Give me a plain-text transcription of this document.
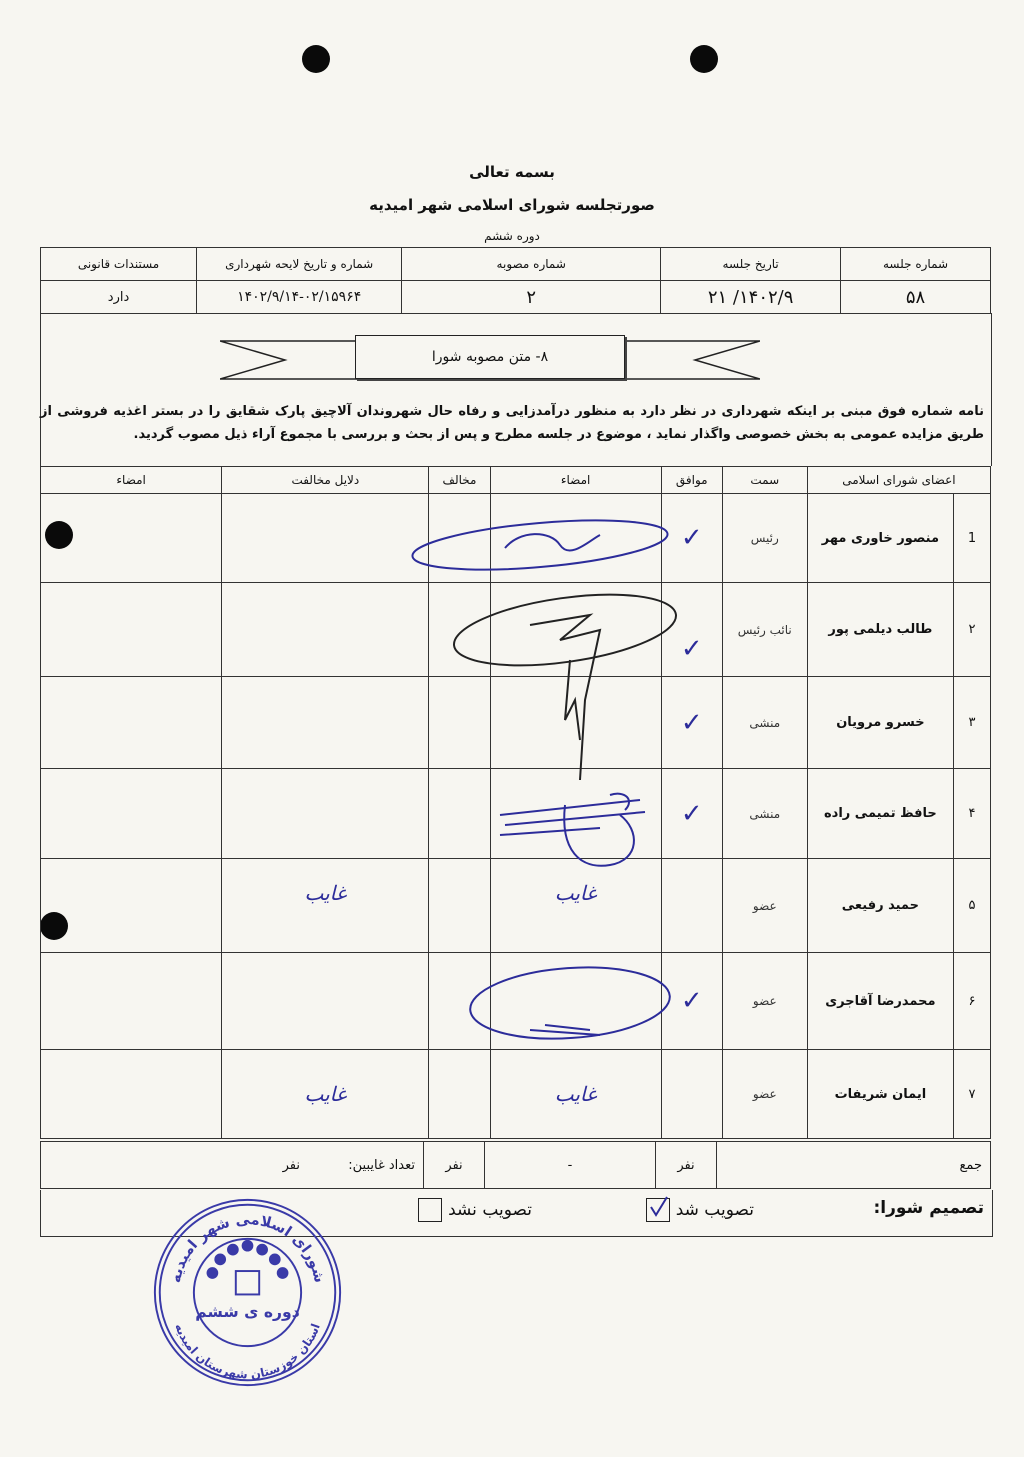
بسمه تعالی
صورتجلسه شورای اسلامی شهر امیدیه
دوره ششم
شماره جلسه	تاریخ جلسه	شماره مصوبه	شماره و تاریخ لایحه شهرداری	مستندات قانونی
۵۸	۱۴۰۲/۹/ ۲۱	۲	۱۴۰۲/۹/۱۴-۰۲/۱۵۹۶۴	دارد
۸- متن مصوبه شورا
نامه شماره فوق مبنی بر اینکه شهرداری در نظر دارد به منظور درآمدزایی و رفاه حال شهروندان آلاچیق پارک شقایق را در بستر اغذیه فروشی از طریق مزایده عمومی به بخش خصوصی واگذار نماید ، موضوع در جلسه مطرح و پس از بحث و بررسی با مجموع آراء ذیل مصوب گردید.
اعضای شورای اسلامی		سمت	موافق	امضاء	مخالف	دلایل مخالفت	امضاء
1	منصور خاوری مهر	رئیس	✓				
۲	طالب دیلمی پور	نائب رئیس	✓				
۳	خسرو مرویان	منشی	✓				
۴	حافظ تمیمی راده	منشی	✓				
۵	حمید رفیعی	عضو		غایب		غایب	
۶	محمدرضا آقاجری	عضو	✓				
۷	ایمان شریفات	عضو		غایب		غایب	
جمع	نفر	-	نفر	تعداد غایبین:  نفر
تصمیم شورا:
تصویب شد
تصویب نشد
شورای اسلامی شهر امیدیه
استان خوزستان شهرستان امیدیه
دوره ی ششم
